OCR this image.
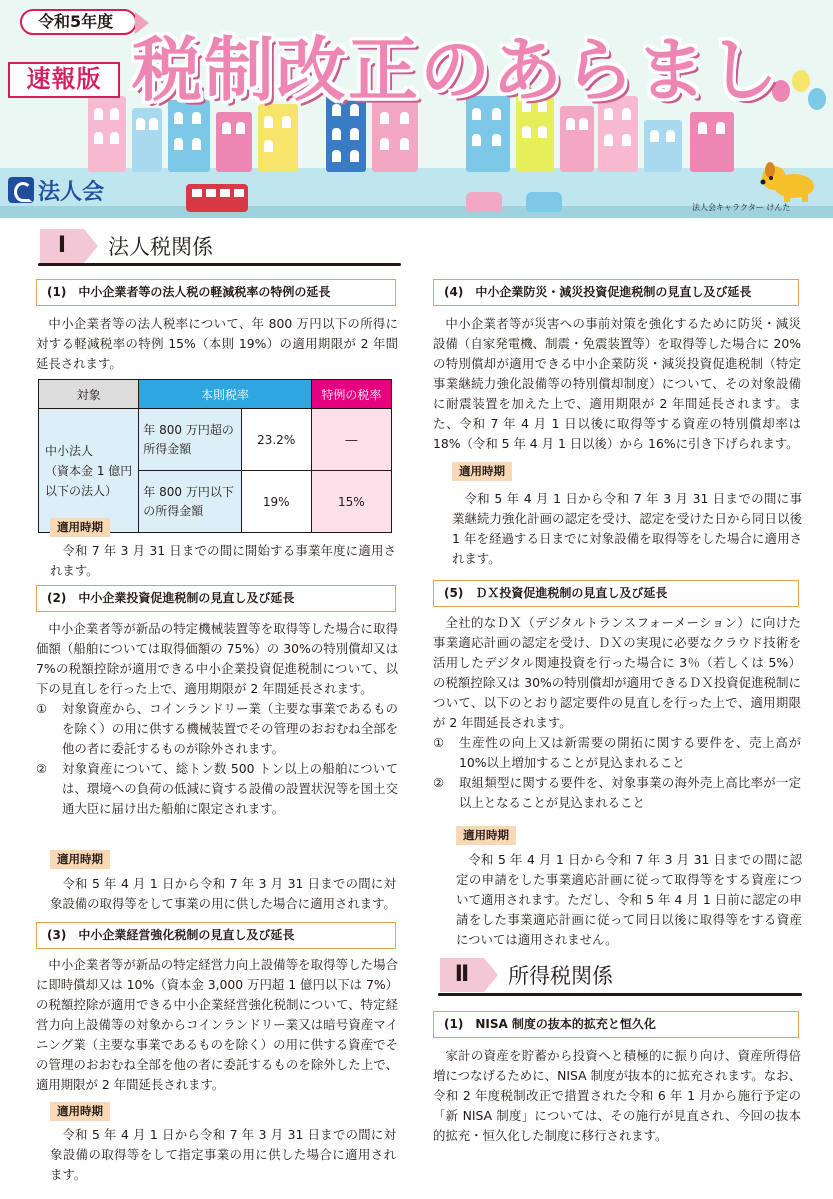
令和5年度
速報版 税制改正のあらまし
法人会
法人会キャラクター けんた
Ⅰ	法人税関係
(1)　中小企業者等の法人税の軽減税率の特例の延長

中小企業者等の法人税率について、年 800 万円以下の所得に対する軽減税率の特例 15%（本則 19%）の適用期限が 2 年間延長されます。

対象	本則税率		特例の税率

中小法人
（資本金 1 億円以下の法人）	年 800 万円超の所得金額	23.2%	―
	年 800 万円以下の所得金額	19%	15%
適用時期

令和 7 年 3 月 31 日までの間に開始する事業年度に適用されます。

(2)　中小企業投資促進税制の見直し及び延長

中小企業者等が新品の特定機械装置等を取得等した場合に取得価額（船舶については取得価額の 75%）の 30%の特別償却又は 7%の税額控除が適用できる中小企業投資促進税制について、以下の見直しを行った上で、適用期限が 2 年間延長されます。

①	対象資産から、コインランドリー業（主要な事業であるものを除く）の用に供する機械装置でその管理のおおむね全部を他の者に委託するものが除外されます。
②	対象資産について、総トン数 500 トン以上の船舶については、環境への負荷の低減に資する設備の設置状況等を国土交通大臣に届け出た船舶に限定されます。
適用時期

令和 5 年 4 月 1 日から令和 7 年 3 月 31 日までの間に対象設備の取得等をして事業の用に供した場合に適用されます。

(3)　中小企業経営強化税制の見直し及び延長

中小企業者等が新品の特定経営力向上設備等を取得等した場合に即時償却又は 10%（資本金 3,000 万円超 1 億円以下は 7%）の税額控除が適用できる中小企業経営強化税制について、特定経営力向上設備等の対象からコインランドリー業又は暗号資産マイニング業（主要な事業であるものを除く）の用に供する資産でその管理のおおむね全部を他の者に委託するものを除外した上で、適用期限が 2 年間延長されます。

適用時期

令和 5 年 4 月 1 日から令和 7 年 3 月 31 日までの間に対象設備の取得等をして指定事業の用に供した場合に適用されます。

(4)　中小企業防災・減災投資促進税制の見直し及び延長

中小企業者等が災害への事前対策を強化するために防災・減災設備（自家発電機、制震・免震装置等）を取得等した場合に 20%の特別償却が適用できる中小企業防災・減災投資促進税制（特定事業継続力強化設備等の特別償却制度）について、その対象設備に耐震装置を加えた上で、適用期限が 2 年間延長されます。また、令和 7 年 4 月 1 日以後に取得等する資産の特別償却率は 18%（令和 5 年 4 月 1 日以後）から 16%に引き下げられます。

適用時期

令和 5 年 4 月 1 日から令和 7 年 3 月 31 日までの間に事業継続力強化計画の認定を受け、認定を受けた日から同日以後 1 年を経過する日までに対象設備を取得等をした場合に適用されます。

(5)　ＤＸ投資促進税制の見直し及び延長

全社的なＤＸ（デジタルトランスフォーメーション）に向けた事業適応計画の認定を受け、ＤＸの実現に必要なクラウド技術を活用したデジタル関連投資を行った場合に 3％（若しくは 5%）の税額控除又は 30%の特別償却が適用できるＤＸ投資促進税制について、以下のとおり認定要件の見直しを行った上で、適用期限が 2 年間延長されます。

①	生産性の向上又は新需要の開拓に関する要件を、売上高が 10%以上増加することが見込まれること
②	取組類型に関する要件を、対象事業の海外売上高比率が一定以上となることが見込まれること
適用時期

令和 5 年 4 月 1 日から令和 7 年 3 月 31 日までの間に認定の申請をした事業適応計画に従って取得等をする資産について適用されます。ただし、令和 5 年 4 月 1 日前に認定の申請をした事業適応計画に従って同日以後に取得等をする資産については適用されません。

Ⅱ	所得税関係
(1)　NISA 制度の抜本的拡充と恒久化

家計の資産を貯蓄から投資へと積極的に振り向け、資産所得倍増につなげるために、NISA 制度が抜本的に拡充されます。なお、令和 2 年度税制改正で措置された令和 6 年 1 月から施行予定の「新 NISA 制度」については、その施行が見直され、今回の抜本的拡充・恒久化した制度に移行されます。
